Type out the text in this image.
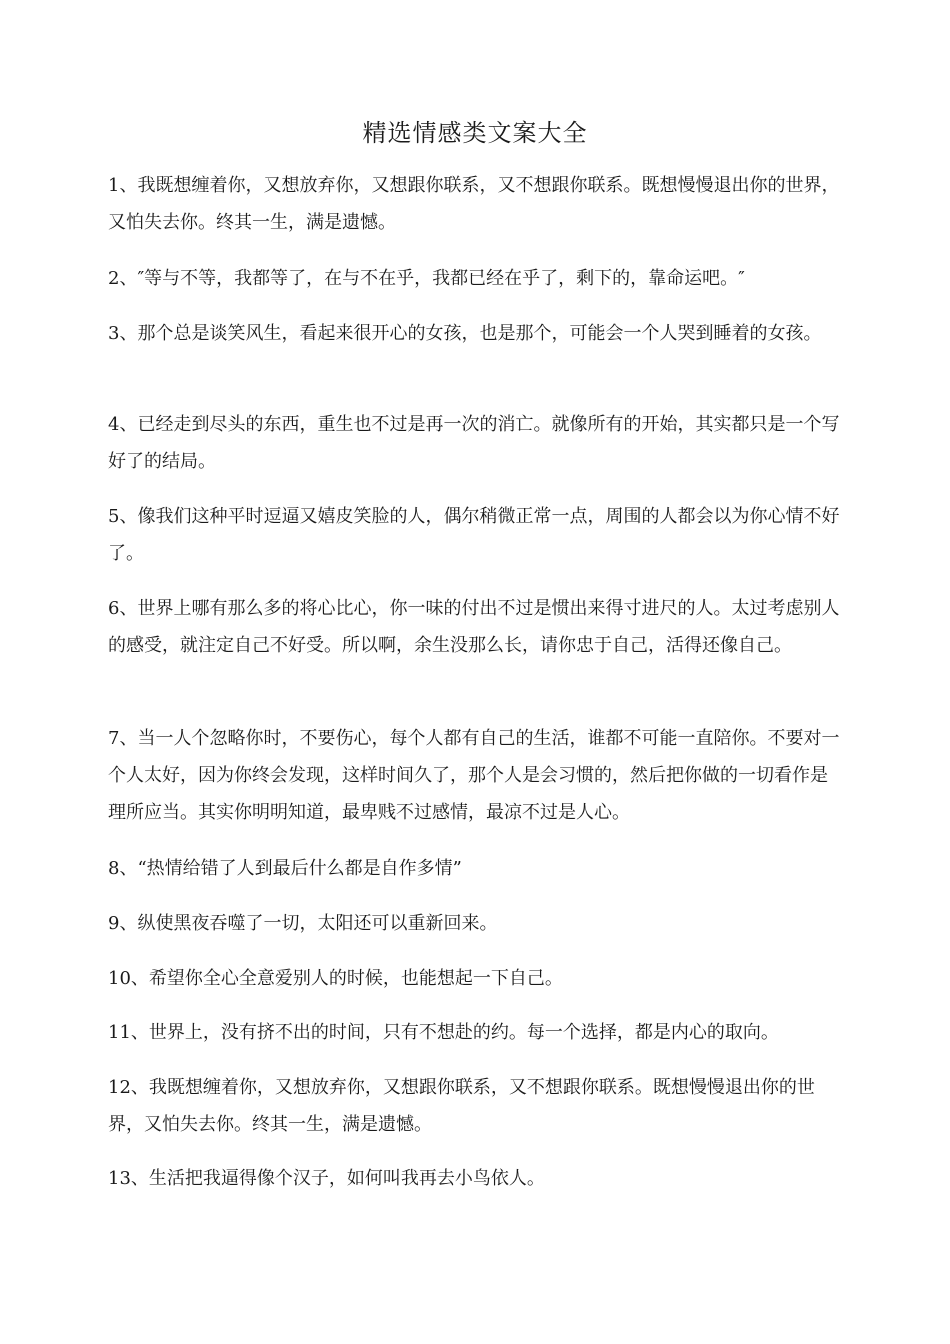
精选情感类文案大全

1、我既想缠着你，又想放弃你，又想跟你联系，又不想跟你联系。既想慢慢退出你的世界，又怕失去你。终其一生，满是遗憾。

2、″等与不等，我都等了，在与不在乎，我都已经在乎了，剩下的，靠命运吧。″

3、那个总是谈笑风生，看起来很开心的女孩，也是那个，可能会一个人哭到睡着的女孩。

4、已经走到尽头的东西，重生也不过是再一次的消亡。就像所有的开始，其实都只是一个写好了的结局。

5、像我们这种平时逗逼又嬉皮笑脸的人，偶尔稍微正常一点，周围的人都会以为你心情不好了。

6、世界上哪有那么多的将心比心，你一味的付出不过是惯出来得寸进尺的人。太过考虑别人的感受，就注定自己不好受。所以啊，余生没那么长，请你忠于自己，活得还像自己。

7、当一人个忽略你时，不要伤心，每个人都有自己的生活，谁都不可能一直陪你。不要对一个人太好，因为你终会发现，这样时间久了，那个人是会习惯的，然后把你做的一切看作是理所应当。其实你明明知道，最卑贱不过感情，最凉不过是人心。

8、“热情给错了人到最后什么都是自作多情”

9、纵使黑夜吞噬了一切，太阳还可以重新回来。

10、希望你全心全意爱别人的时候，也能想起一下自己。

11、世界上，没有挤不出的时间，只有不想赴的约。每一个选择，都是内心的取向。

12、我既想缠着你，又想放弃你，又想跟你联系，又不想跟你联系。既想慢慢退出你的世界，又怕失去你。终其一生，满是遗憾。

13、生活把我逼得像个汉子，如何叫我再去小鸟依人。
